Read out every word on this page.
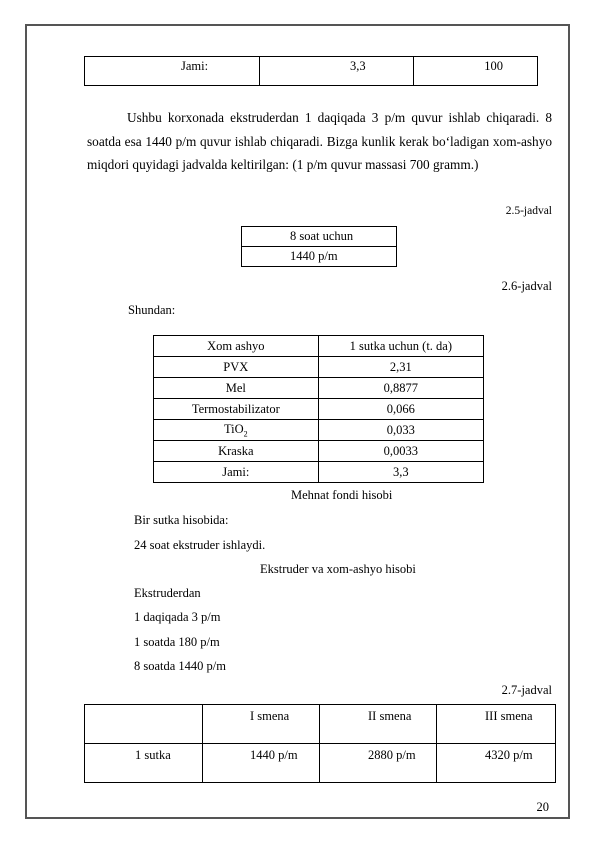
Jami:	3,3	100
Ushbu korxonada ekstruderdan 1 daqiqada 3 p/m quvur ishlab chiqaradi. 8 soatda esa 1440 p/m quvur ishlab chiqaradi. Bizga kunlik kerak bo‘ladigan xom-ashyo miqdori quyidagi jadvalda keltirilgan: (1 p/m quvur massasi 700 gramm.)
2.5-jadval
8 soat uchun
1440 p/m
2.6-jadval
Shundan:
Xom ashyo	1 sutka uchun (t. da)
PVX	2,31
Mel	0,8877
Termostabilizator	0,066
TiO$_2$	0,033
Kraska	0,0033
Jami:	3,3
Mehnat fondi hisobi
Bir sutka hisobida:
24 soat ekstruder ishlaydi.
Ekstruder va xom-ashyo hisobi
Ekstruderdan
1 daqiqada 3 p/m
1 soatda 180 p/m
8 soatda 1440 p/m
2.7-jadval
	I smena	II smena	III smena
1 sutka	1440 p/m	2880 p/m	4320 p/m
20
